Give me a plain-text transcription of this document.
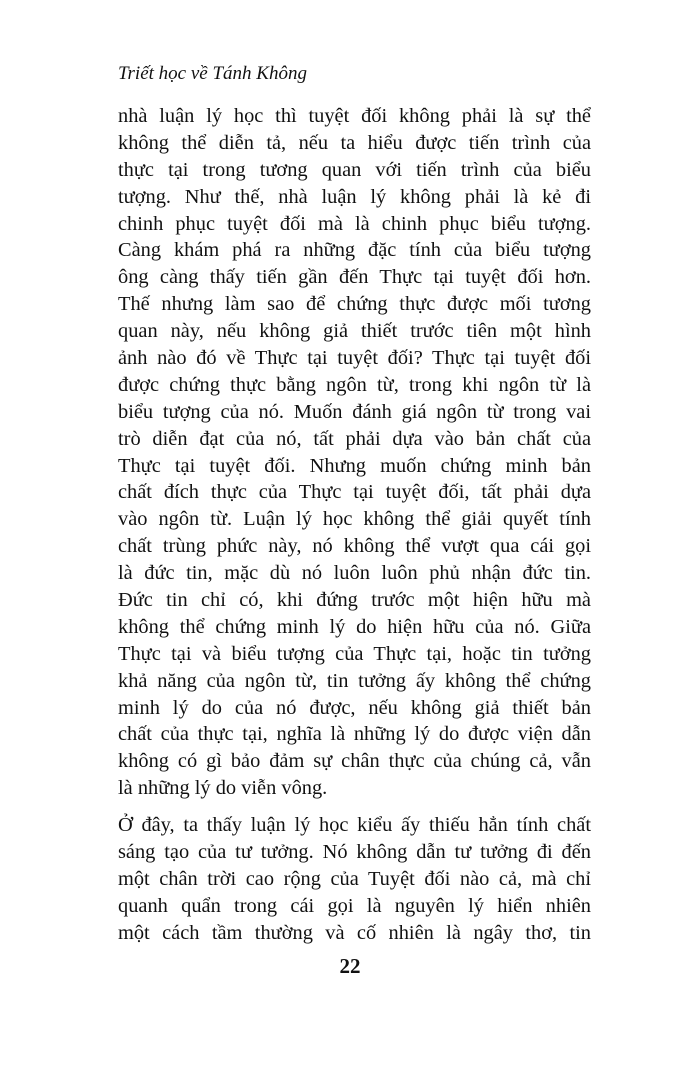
Triết học về Tánh Không
nhà luận lý học thì tuyệt đối không phải là sự thể
không thể diễn tả, nếu ta hiểu được tiến trình của
thực tại trong tương quan với tiến trình của biểu
tượng. Như thế, nhà luận lý không phải là kẻ đi
chinh phục tuyệt đối mà là chinh phục biểu tượng.
Càng khám phá ra những đặc tính của biểu tượng
ông càng thấy tiến gần đến Thực tại tuyệt đối hơn.
Thế nhưng làm sao để chứng thực được mối tương
quan này, nếu không giả thiết trước tiên một hình
ảnh nào đó về Thực tại tuyệt đối? Thực tại tuyệt đối
được chứng thực bằng ngôn từ, trong khi ngôn từ là
biểu tượng của nó. Muốn đánh giá ngôn từ trong vai
trò diễn đạt của nó, tất phải dựa vào bản chất của
Thực tại tuyệt đối. Nhưng muốn chứng minh bản
chất đích thực của Thực tại tuyệt đối, tất phải dựa
vào ngôn từ. Luận lý học không thể giải quyết tính
chất trùng phức này, nó không thể vượt qua cái gọi
là đức tin, mặc dù nó luôn luôn phủ nhận đức tin.
Đức tin chỉ có, khi đứng trước một hiện hữu mà
không thể chứng minh lý do hiện hữu của nó. Giữa
Thực tại và biểu tượng của Thực tại, hoặc tin tưởng
khả năng của ngôn từ, tin tưởng ấy không thể chứng
minh lý do của nó được, nếu không giả thiết bản
chất của thực tại, nghĩa là những lý do được viện dẫn
không có gì bảo đảm sự chân thực của chúng cả, vẫn
là những lý do viễn vông.
Ở đây, ta thấy luận lý học kiểu ấy thiếu hẳn tính chất
sáng tạo của tư tưởng. Nó không dẫn tư tưởng đi đến
một chân trời cao rộng của Tuyệt đối nào cả, mà chỉ
quanh quẩn trong cái gọi là nguyên lý hiển nhiên
một cách tầm thường và cố nhiên là ngây thơ, tin
22
